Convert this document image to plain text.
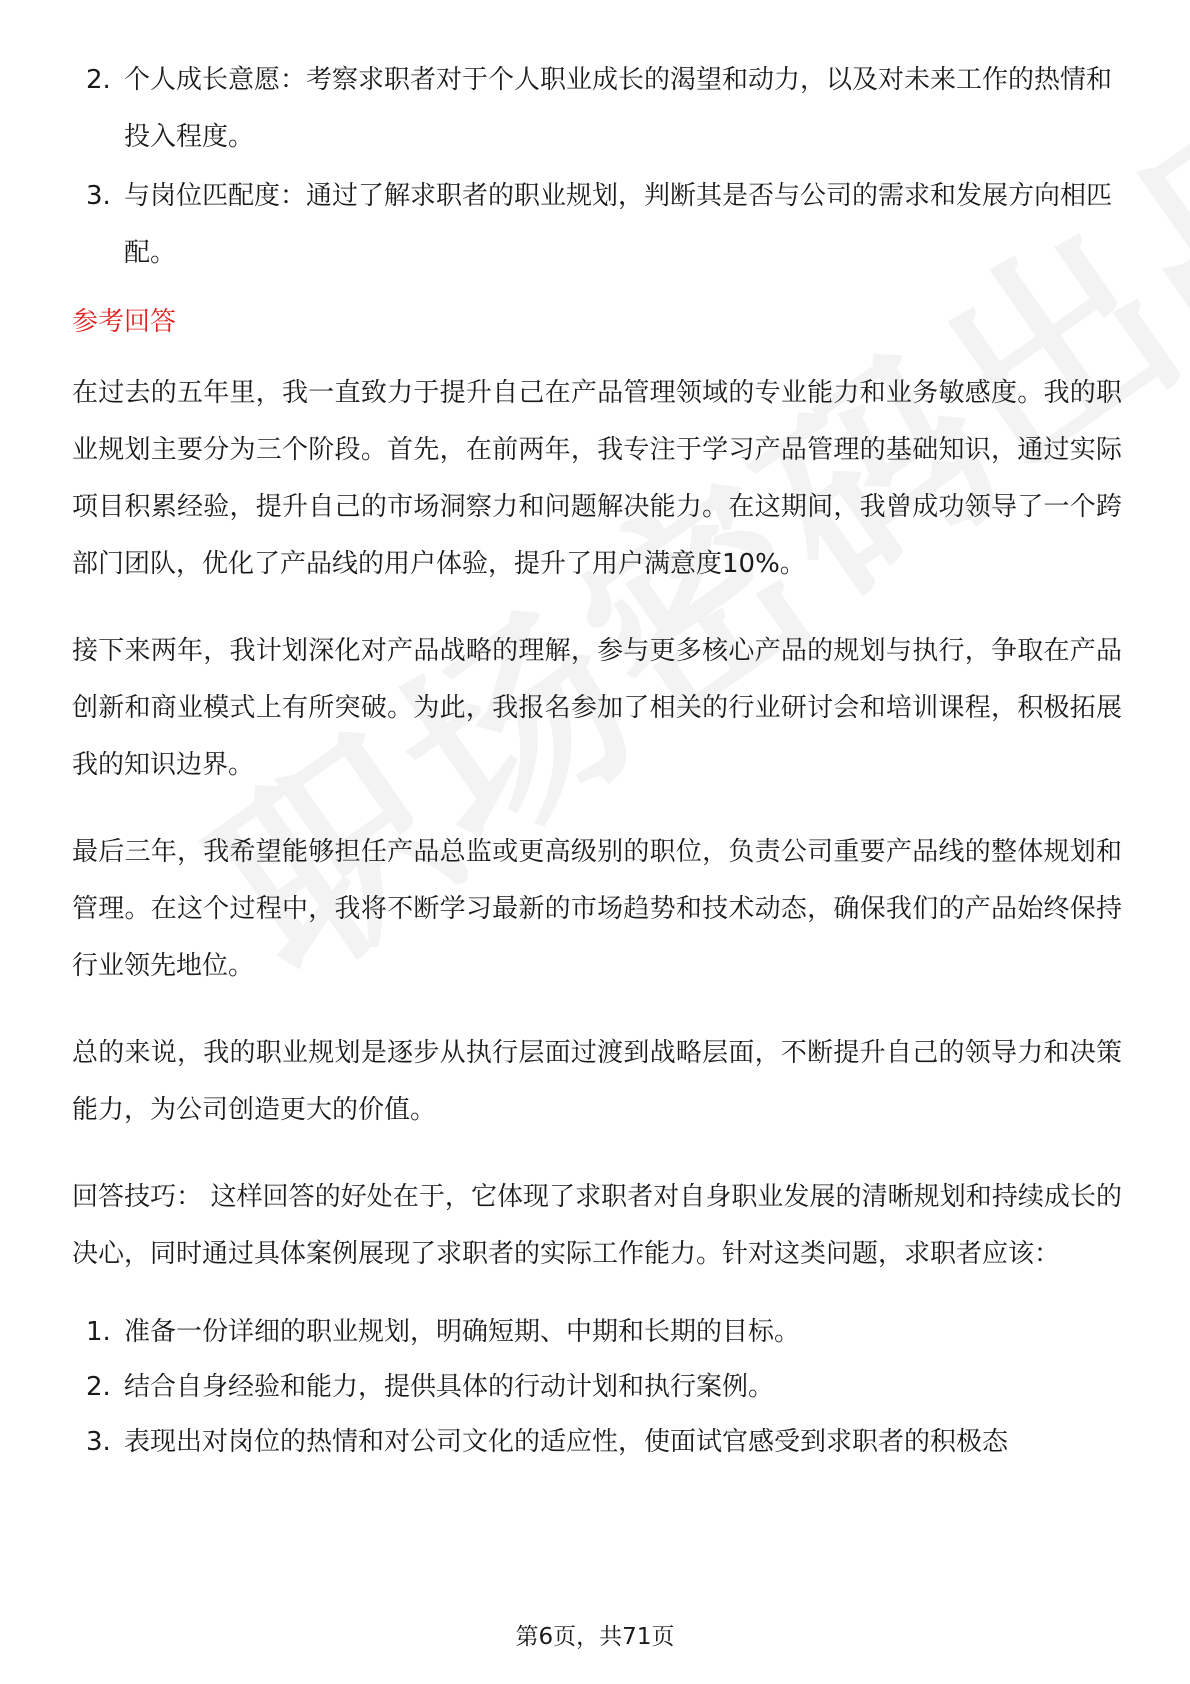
2. 个人成长意愿：考察求职者对于个人职业成长的渴望和动力，以及对未来工作的热情和投入程度。
3. 与岗位匹配度：通过了解求职者的职业规划，判断其是否与公司的需求和发展方向相匹配。
参考回答

在过去的五年里，我一直致力于提升自己在产品管理领域的专业能力和业务敏感度。我的职业规划主要分为三个阶段。首先，在前两年，我专注于学习产品管理的基础知识，通过实际项目积累经验，提升自己的市场洞察力和问题解决能力。在这期间，我曾成功领导了一个跨部门团队，优化了产品线的用户体验，提升了用户满意度10%。

接下来两年，我计划深化对产品战略的理解，参与更多核心产品的规划与执行，争取在产品创新和商业模式上有所突破。为此，我报名参加了相关的行业研讨会和培训课程，积极拓展我的知识边界。

最后三年，我希望能够担任产品总监或更高级别的职位，负责公司重要产品线的整体规划和管理。在这个过程中，我将不断学习最新的市场趋势和技术动态，确保我们的产品始终保持行业领先地位。

总的来说，我的职业规划是逐步从执行层面过渡到战略层面，不断提升自己的领导力和决策能力，为公司创造更大的价值。

回答技巧： 这样回答的好处在于，它体现了求职者对自身职业发展的清晰规划和持续成长的决心，同时通过具体案例展现了求职者的实际工作能力。针对这类问题，求职者应该：

1. 准备一份详细的职业规划，明确短期、中期和长期的目标。
2. 结合自身经验和能力，提供具体的行动计划和执行案例。
3. 表现出对岗位的热情和对公司文化的适应性，使面试官感受到求职者的积极态
第6页，共71页
